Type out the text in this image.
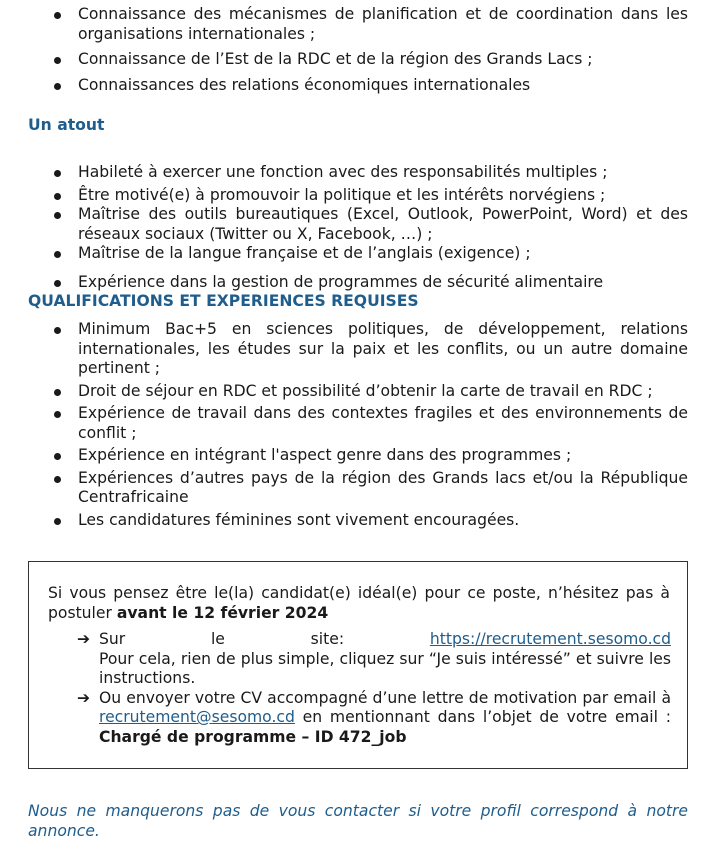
Connaissance des mécanismes de planification et de coordination dans les organisations internationales ;
Connaissance de l’Est de la RDC et de la région des Grands Lacs ;
Connaissances des relations économiques internationales

Un atout

Habileté à exercer une fonction avec des responsabilités multiples ;
Être motivé(e) à promouvoir la politique et les intérêts norvégiens ;
Maîtrise des outils bureautiques (Excel, Outlook, PowerPoint, Word) et des réseaux sociaux (Twitter ou X, Facebook, …) ;
Maîtrise de la langue française et de l’anglais (exigence) ;
Expérience dans la gestion de programmes de sécurité alimentaire

QUALIFICATIONS ET EXPERIENCES REQUISES

Minimum Bac+5 en sciences politiques, de développement, relations internationales, les études sur la paix et les conflits, ou un autre domaine pertinent ;
Droit de séjour en RDC et possibilité d’obtenir la carte de travail en RDC ;
Expérience de travail dans des contextes fragiles et des environnements de conflit ;
Expérience en intégrant l'aspect genre dans des programmes ;
Expériences d’autres pays de la région des Grands lacs et/ou la République Centrafricaine
Les candidatures féminines sont vivement encouragées.
Si vous pensez être le(la) candidat(e) idéal(e) pour ce poste, n’hésitez pas à postuler avant le 12 février 2024
➔ Sur	le	site:	https://recrutement.sesomo.cd
Pour cela, rien de plus simple, cliquez sur “Je suis intéressé” et suivre les instructions.
➔ Ou envoyer votre CV accompagné d’une lettre de motivation par email à recrutement@sesomo.cd en mentionnant dans l’objet de votre email : Chargé de programme – ID 472_job

Nous ne manquerons pas de vous contacter si votre profil correspond à notre annonce.
